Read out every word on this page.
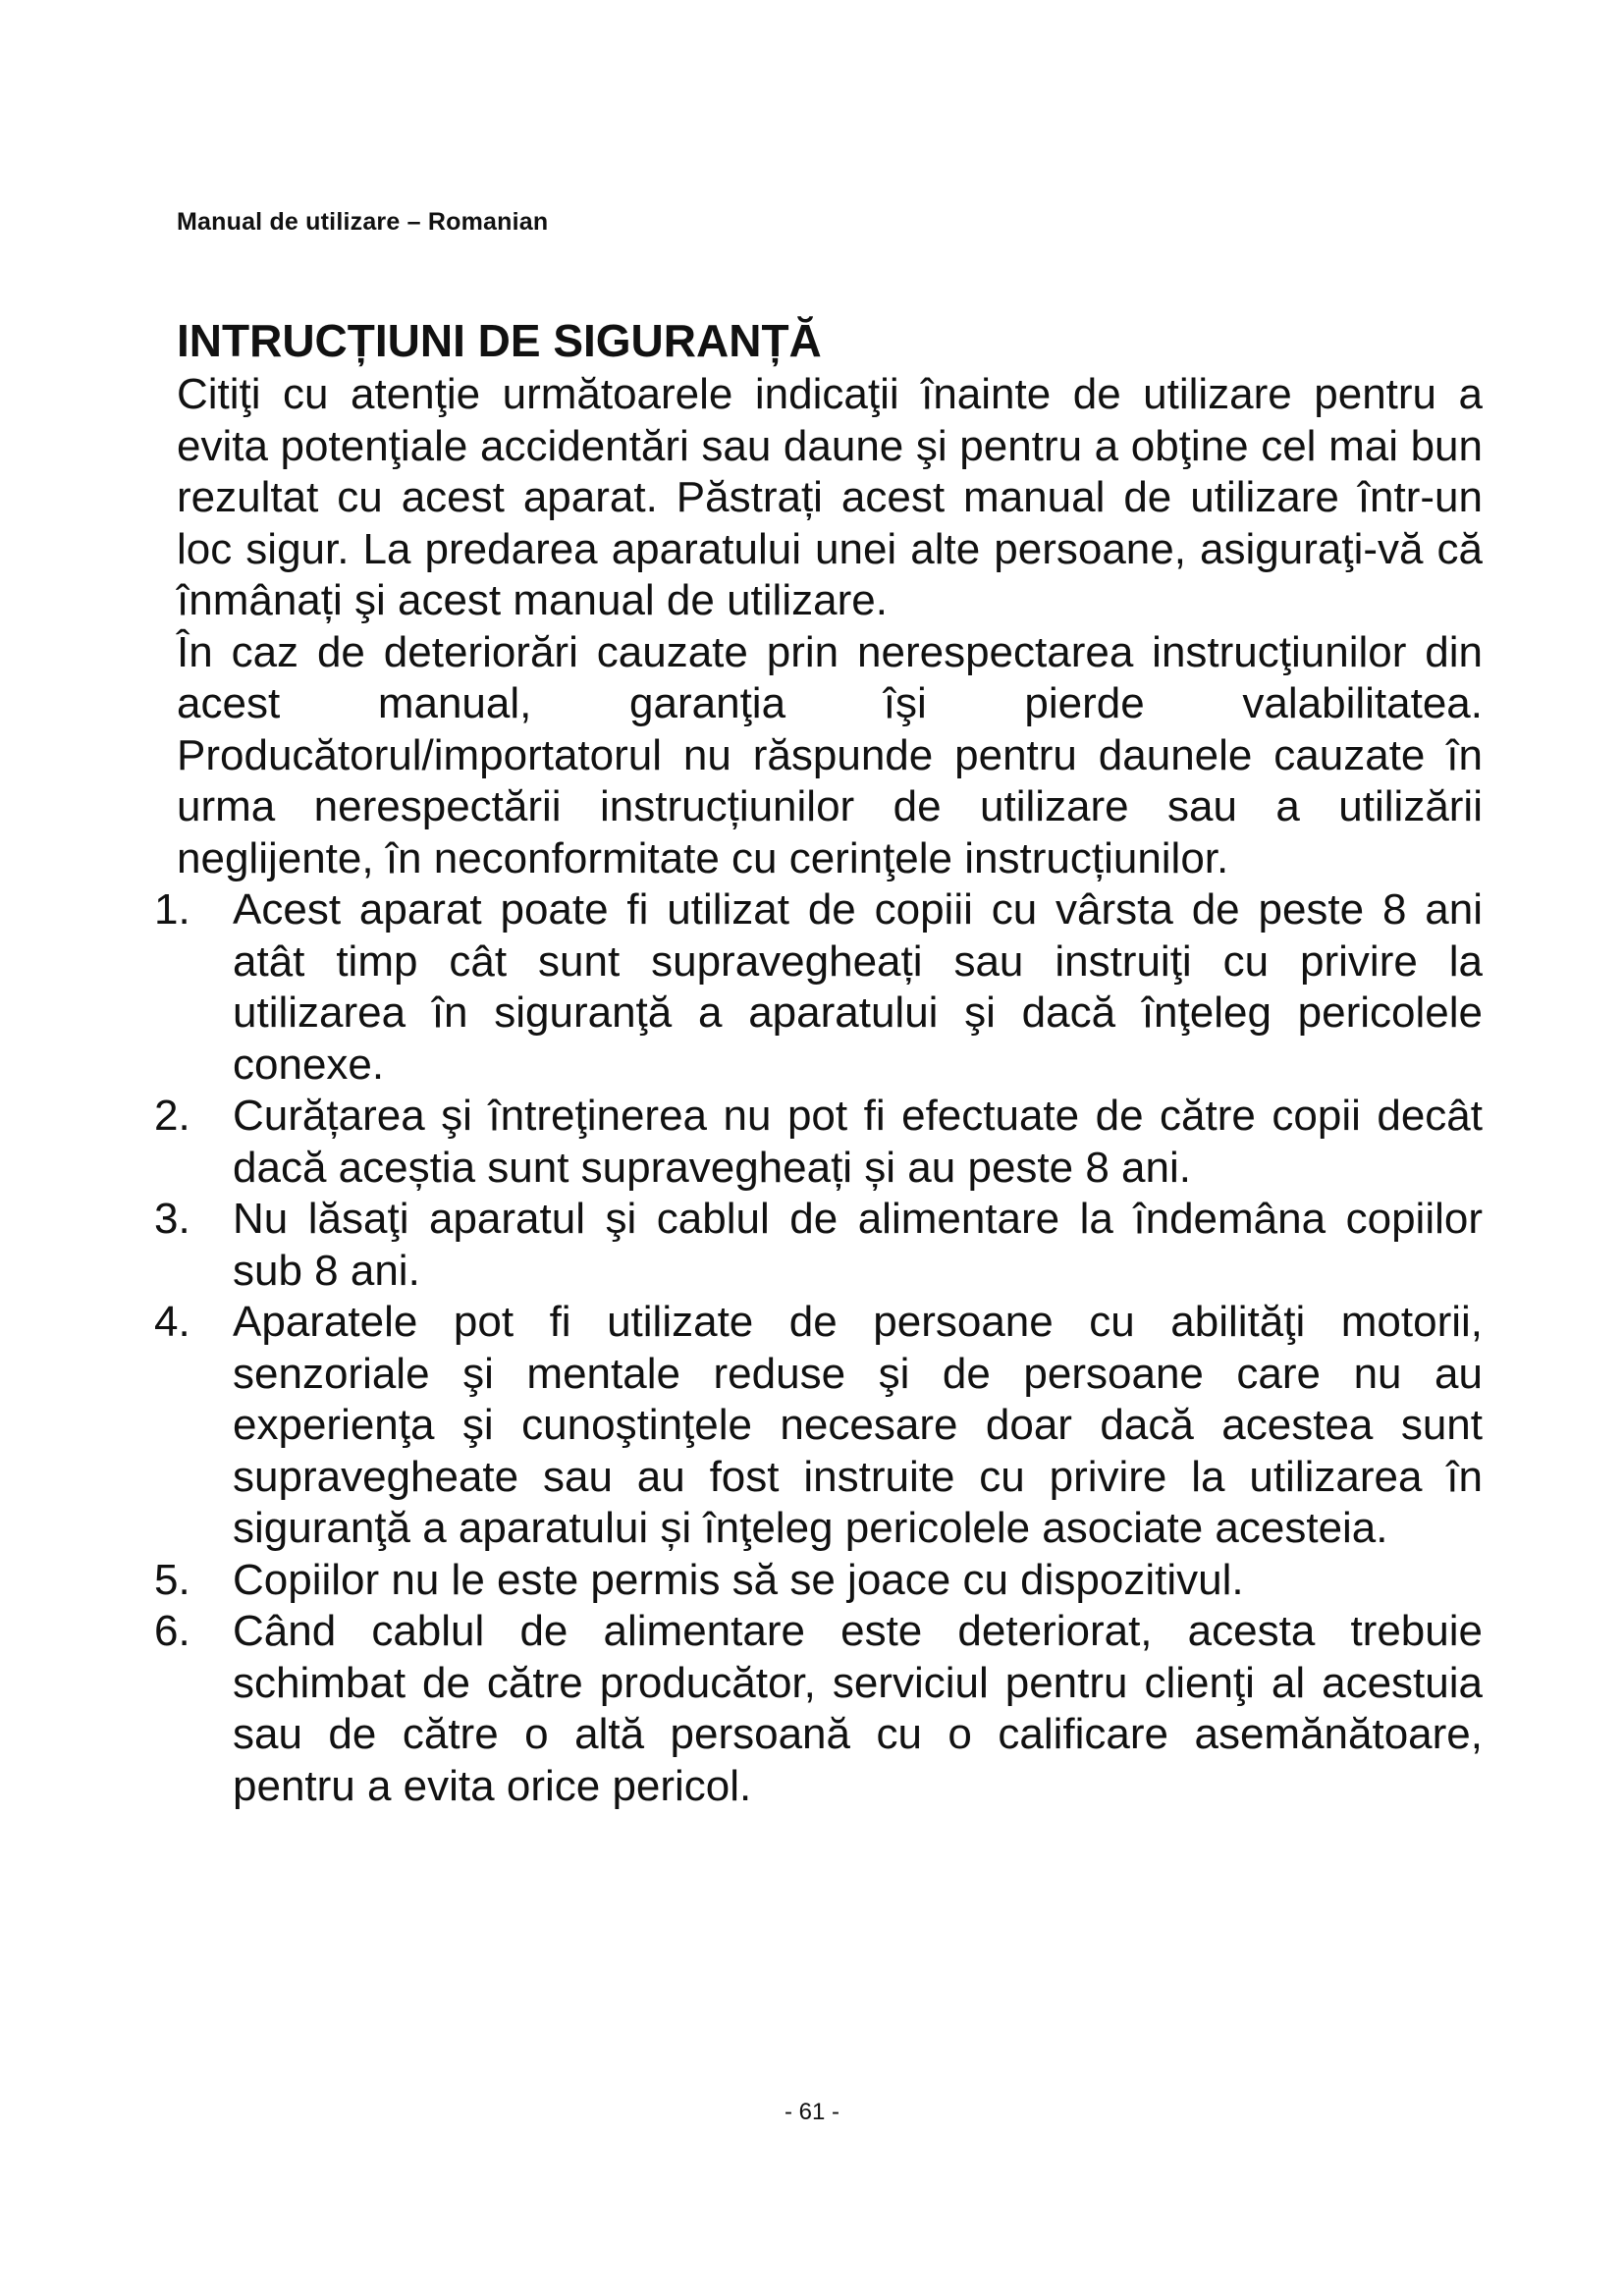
Manual de utilizare – Romanian
INTRUCȚIUNI DE SIGURANȚĂ

Citiţi cu atenţie următoarele indicaţii înainte de utilizare pentru a evita potenţiale accidentări sau daune şi pentru a obţine cel mai bun rezultat cu acest aparat. Păstrați acest manual de utilizare într-un loc sigur. La predarea aparatului unei alte persoane, asiguraţi-vă că înmânați şi acest manual de utilizare.

În caz de deteriorări cauzate prin nerespectarea instrucţiunilor din acest manual, garanţia îşi pierde valabilitatea. Producătorul/importatorul nu răspunde pentru daunele cauzate în urma nerespectării instrucțiunilor de utilizare sau a utilizării neglijente, în neconformitate cu cerinţele instrucțiunilor.

1. Acest aparat poate fi utilizat de copiii cu vârsta de peste 8 ani atât timp cât sunt supravegheați sau instruiţi cu privire la utilizarea în siguranţă a aparatului şi dacă înţeleg pericolele conexe.
2. Curățarea şi întreţinerea nu pot fi efectuate de către copii decât dacă aceștia sunt supravegheați și au peste 8 ani.
3. Nu lăsaţi aparatul şi cablul de alimentare la îndemâna copiilor sub 8 ani.
4. Aparatele pot fi utilizate de persoane cu abilităţi motorii, senzoriale şi mentale reduse şi de persoane care nu au experienţa şi cunoştinţele necesare doar dacă acestea sunt supravegheate sau au fost instruite cu privire la utilizarea în siguranţă a aparatului și înţeleg pericolele asociate acesteia.
5. Copiilor nu le este permis să se joace cu dispozitivul.
6. Când cablul de alimentare este deteriorat, acesta trebuie schimbat de către producător, serviciul pentru clienţi al acestuia sau de către o altă persoană cu o calificare asemănătoare, pentru a evita orice pericol.
- 61 -
